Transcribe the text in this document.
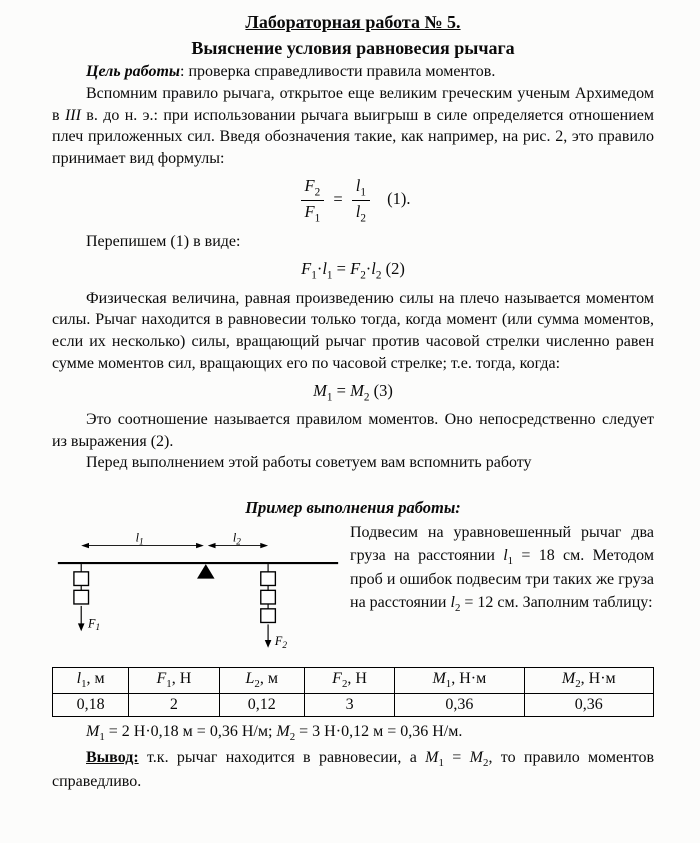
Лабораторная работа № 5.
Выяснение условия равновесия рычага

Цель работы: проверка справедливости правила моментов.

Вспомним правило рычага, открытое еще великим греческим ученым Архимедом в III в. до н. э.: при использовании рычага выигрыш в силе определяется отношением плеч приложенных сил. Введя обозначения такие, как например, на рис. 2, это правило принимает вид формулы:

$\frac{F_2}{F_1} = \frac{l_1}{l_2} (1)$.

Перепишем (1) в виде:

$F_1\cdot l_1 = F_2\cdot l_2$ (2)

Физическая величина, равная произведению силы на плечо называется моментом силы. Рычаг находится в равновесии только тогда, когда момент (или сумма моментов, если их несколько) силы, вращающий рычаг против часовой стрелки численно равен сумме моментов сил, вращающих его по часовой стрелке; т.е. тогда, когда:

$M_1 = M_2$ (3)

Это соотношение называется правилом моментов. Оно непосредственно следует из выражения (2).

Перед выполнением этой работы советуем вам вспомнить работу

Пример выполнения работы:
$l_1$	$l_2$
$F_1$
$F_2$
Подвесим на уравновешенный рычаг два груза на расстоянии $l_1 = 18$ см. Методом проб и ошибок подвесим три таких же груза на расстоянии $l_2 = 12$ см. Заполним таблицу:
$l_1$, м	$F_1$, Н	$L_2$, м	$F_2$, Н	$M_1$, Н·м	$M_2$, Н·м
0,18	2	0,12	3	0,36	0,36

$M_1 = 2$ Н·0,18 м = 0,36 Н/м; $M_2 = 3$ Н·0,12 м = 0,36 Н/м.

Вывод: т.к. рычаг находится в равновесии, а $M_1 = M_2$, то правило моментов справедливо.
